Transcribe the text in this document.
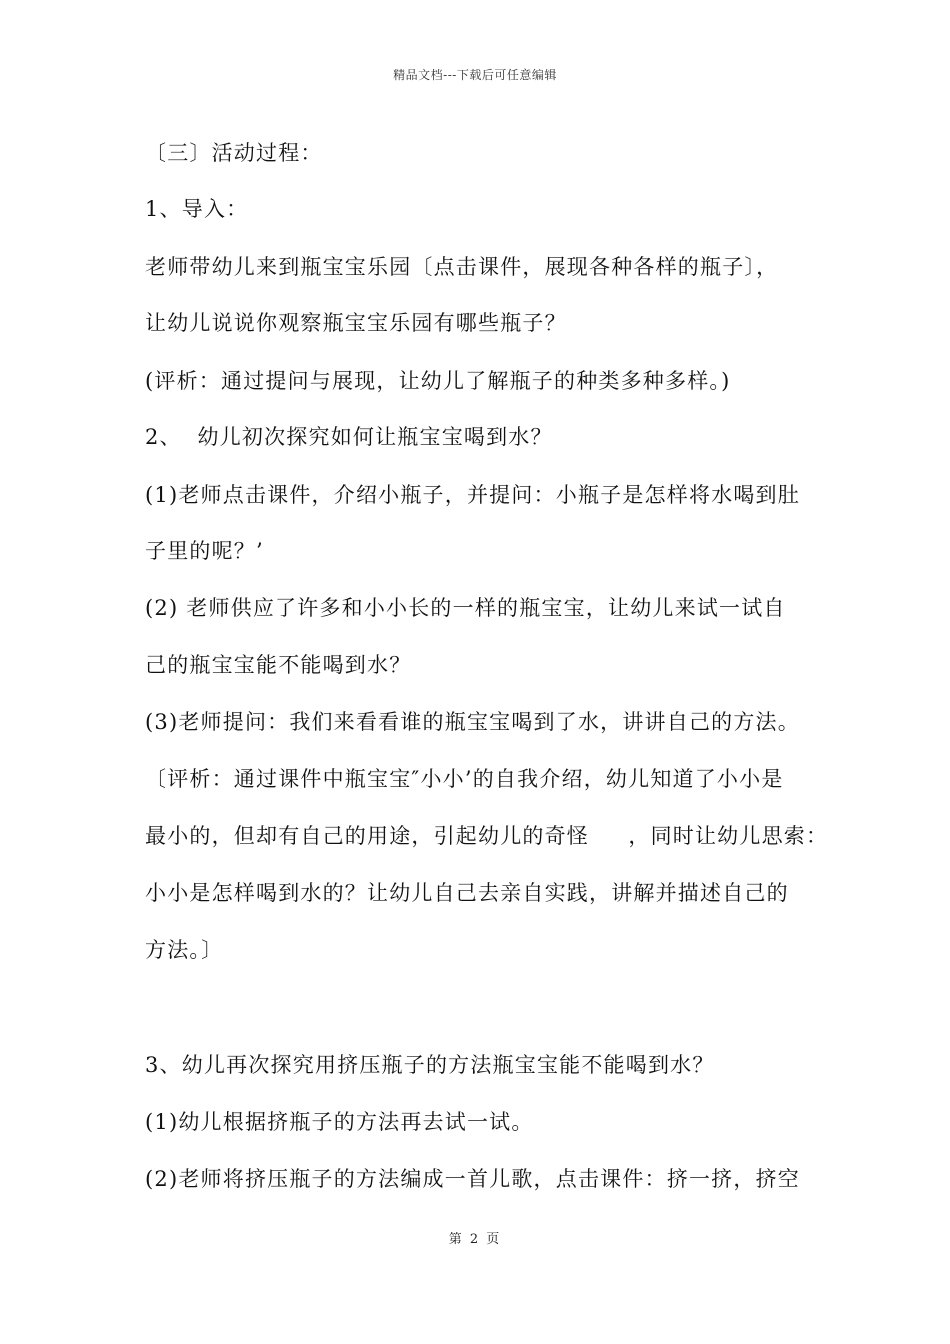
精品文档---下载后可任意编辑
〔三〕活动过程：
1、导入：
老师带幼儿来到瓶宝宝乐园〔点击课件，展现各种各样的瓶子〕，
让幼儿说说你观察瓶宝宝乐园有哪些瓶子？
(评析：通过提问与展现，让幼儿了解瓶子的种类多种多样。)
2、  幼儿初次探究如何让瓶宝宝喝到水？
(1)老师点击课件，介绍小瓶子，并提问：小瓶子是怎样将水喝到肚
子里的呢？’
(2) 老师供应了许多和小小长的一样的瓶宝宝，让幼儿来试一试自
己的瓶宝宝能不能喝到水？
(3)老师提问：我们来看看谁的瓶宝宝喝到了水，讲讲自己的方法。
〔评析：通过课件中瓶宝宝″小小’的自我介绍，幼儿知道了小小是
最小的，但却有自己的用途，引起幼儿的奇怪     ，同时让幼儿思索：
小小是怎样喝到水的？让幼儿自己去亲自实践，讲解并描述自己的
方法。〕
3、幼儿再次探究用挤压瓶子的方法瓶宝宝能不能喝到水？
(1)幼儿根据挤瓶子的方法再去试一试。
(2)老师将挤压瓶子的方法编成一首儿歌，点击课件：挤一挤，挤空
第 2 页
